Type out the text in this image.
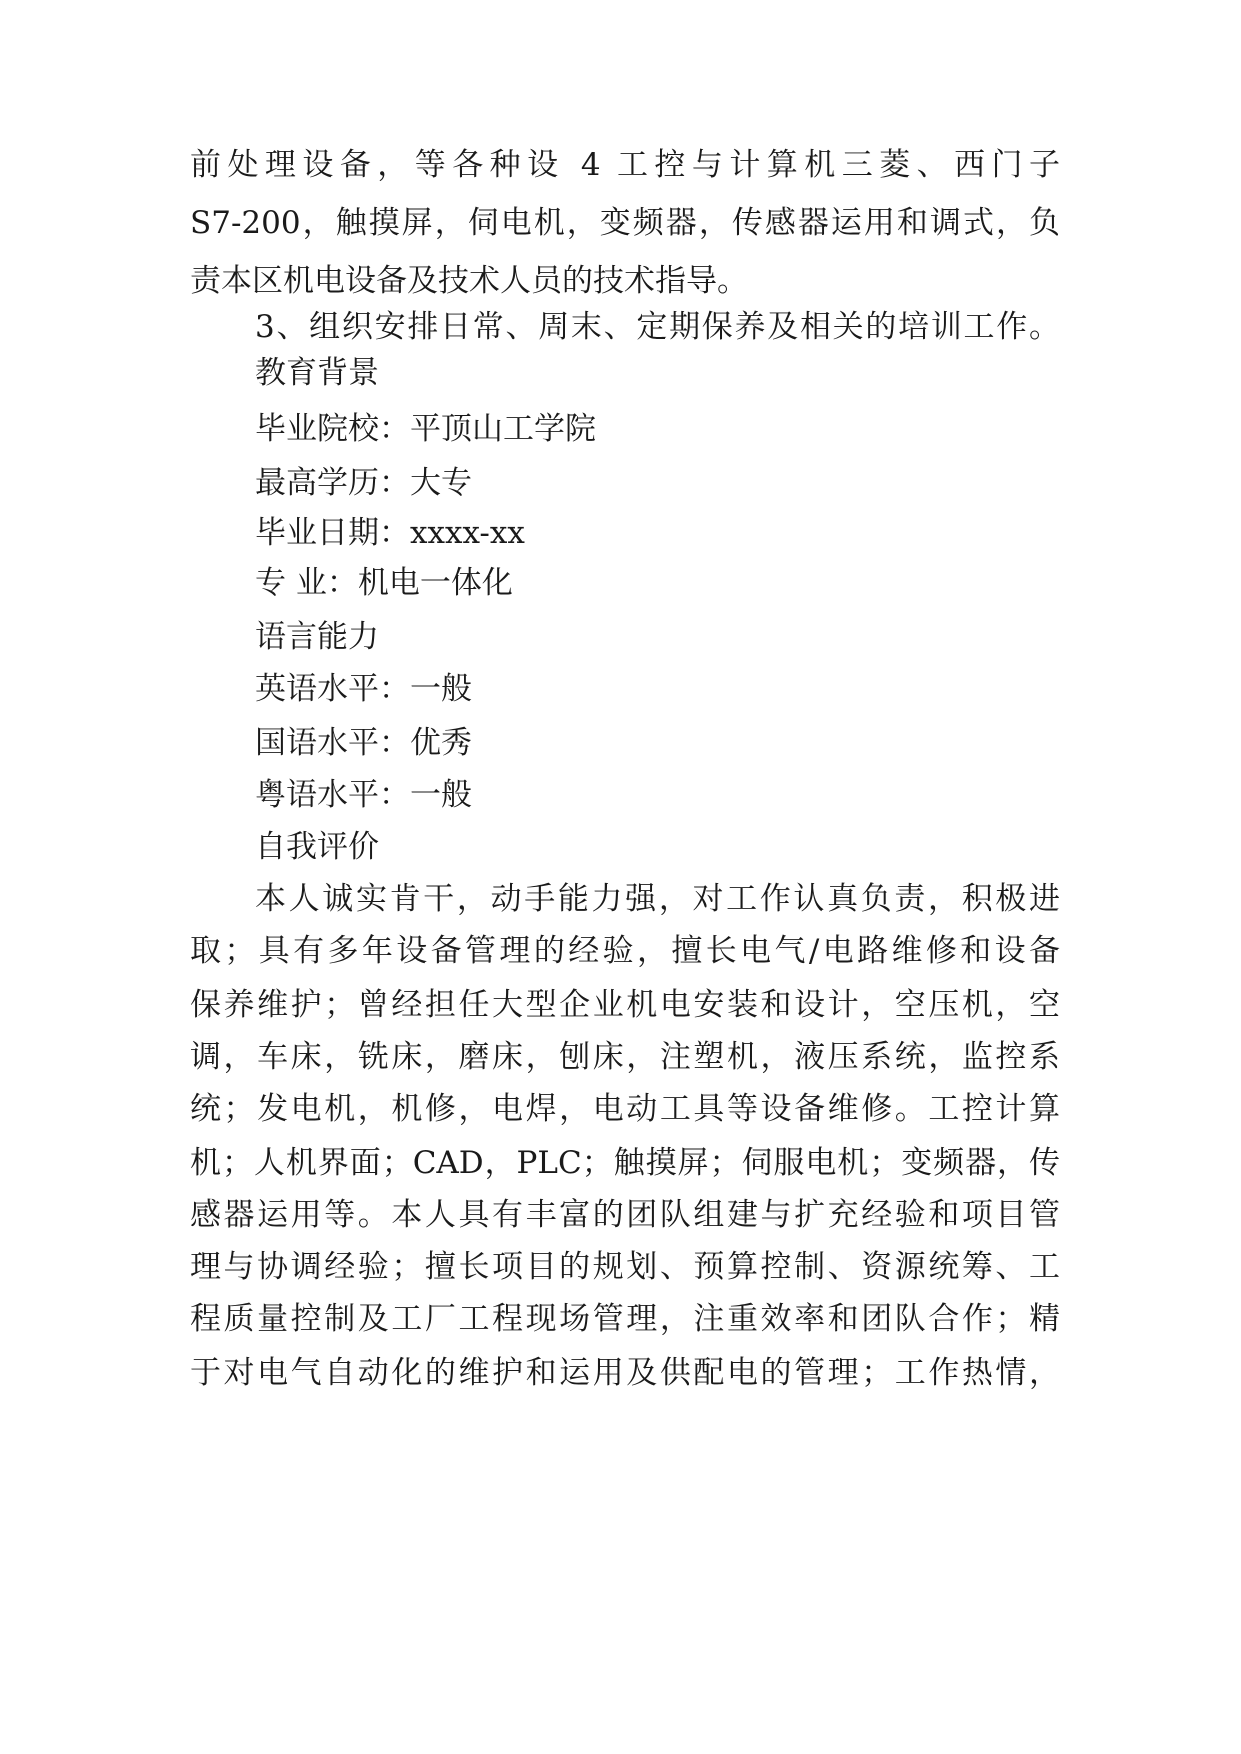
前处理设备，等各种设 4 工控与计算机三菱、西门子
S7-200，触摸屏，伺电机，变频器，传感器运用和调式，负
责本区机电设备及技术人员的技术指导。
3、组织安排日常、周末、定期保养及相关的培训工作。
教育背景
毕业院校：平顶山工学院
最高学历：大专
毕业日期：xxxx-xx
专 业：机电一体化
语言能力
英语水平：一般
国语水平：优秀
粤语水平：一般
自我评价
本人诚实肯干，动手能力强，对工作认真负责，积极进
取；具有多年设备管理的经验，擅长电气/电路维修和设备
保养维护；曾经担任大型企业机电安装和设计，空压机，空
调，车床，铣床，磨床，刨床，注塑机，液压系统，监控系
统；发电机，机修，电焊，电动工具等设备维修。工控计算
机；人机界面；CAD，PLC；触摸屏；伺服电机；变频器，传
感器运用等。本人具有丰富的团队组建与扩充经验和项目管
理与协调经验；擅长项目的规划、预算控制、资源统筹、工
程质量控制及工厂工程现场管理，注重效率和团队合作；精
于对电气自动化的维护和运用及供配电的管理；工作热情，
